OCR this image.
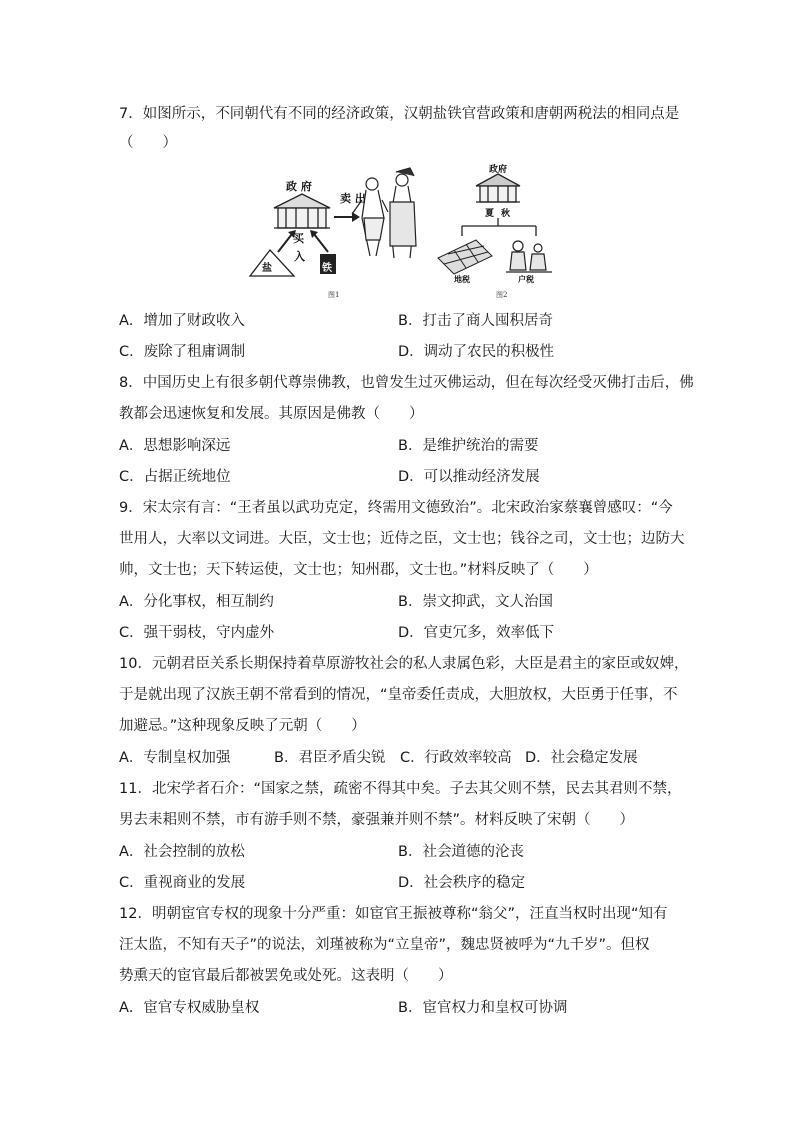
7．如图所示，不同朝代有不同的经济政策，汉朝盐铁官营政策和唐朝两税法的相同点是
（　　）
政 府
卖 出
买
入
盐	铁
图1
政府
夏 秋
地税	户税
图2
A．增加了财政收入	B．打击了商人囤积居奇
C．废除了租庸调制	D．调动了农民的积极性
8．中国历史上有很多朝代尊崇佛教，也曾发生过灭佛运动，但在每次经受灭佛打击后，佛
教都会迅速恢复和发展。其原因是佛教（　　）
A．思想影响深远	B．是维护统治的需要
C．占据正统地位	D．可以推动经济发展
9．宋太宗有言：“王者虽以武功克定，终需用文德致治”。北宋政治家蔡襄曾感叹：“今
世用人，大率以文词进。大臣，文士也；近侍之臣，文士也；钱谷之司，文士也；边防大
帅，文士也；天下转运使，文士也；知州郡，文士也。”材料反映了（　　）
A．分化事权，相互制约	B．崇文抑武，文人治国
C．强干弱枝，守内虚外	D．官吏冗多，效率低下
10．元朝君臣关系长期保持着草原游牧社会的私人隶属色彩，大臣是君主的家臣或奴婢，
于是就出现了汉族王朝不常看到的情况，“皇帝委任责成，大胆放权，大臣勇于任事，不
加避忌。”这种现象反映了元朝（　　）
A．专制皇权加强	B．君臣矛盾尖锐 C．行政效率较高 D．社会稳定发展
11．北宋学者石介：“国家之禁，疏密不得其中矣。子去其父则不禁，民去其君则不禁，
男去耒耜则不禁，市有游手则不禁，豪强兼并则不禁”。材料反映了宋朝（　　）
A．社会控制的放松	B．社会道德的沦丧
C．重视商业的发展	D．社会秩序的稳定
12．明朝宦官专权的现象十分严重：如宦官王振被尊称“翁父”，汪直当权时出现“知有
汪太监，不知有天子”的说法，刘瑾被称为“立皇帝”，魏忠贤被呼为“九千岁”。但权
势熏天的宦官最后都被罢免或处死。这表明（　　）
A．宦官专权威胁皇权	B．宦官权力和皇权可协调
